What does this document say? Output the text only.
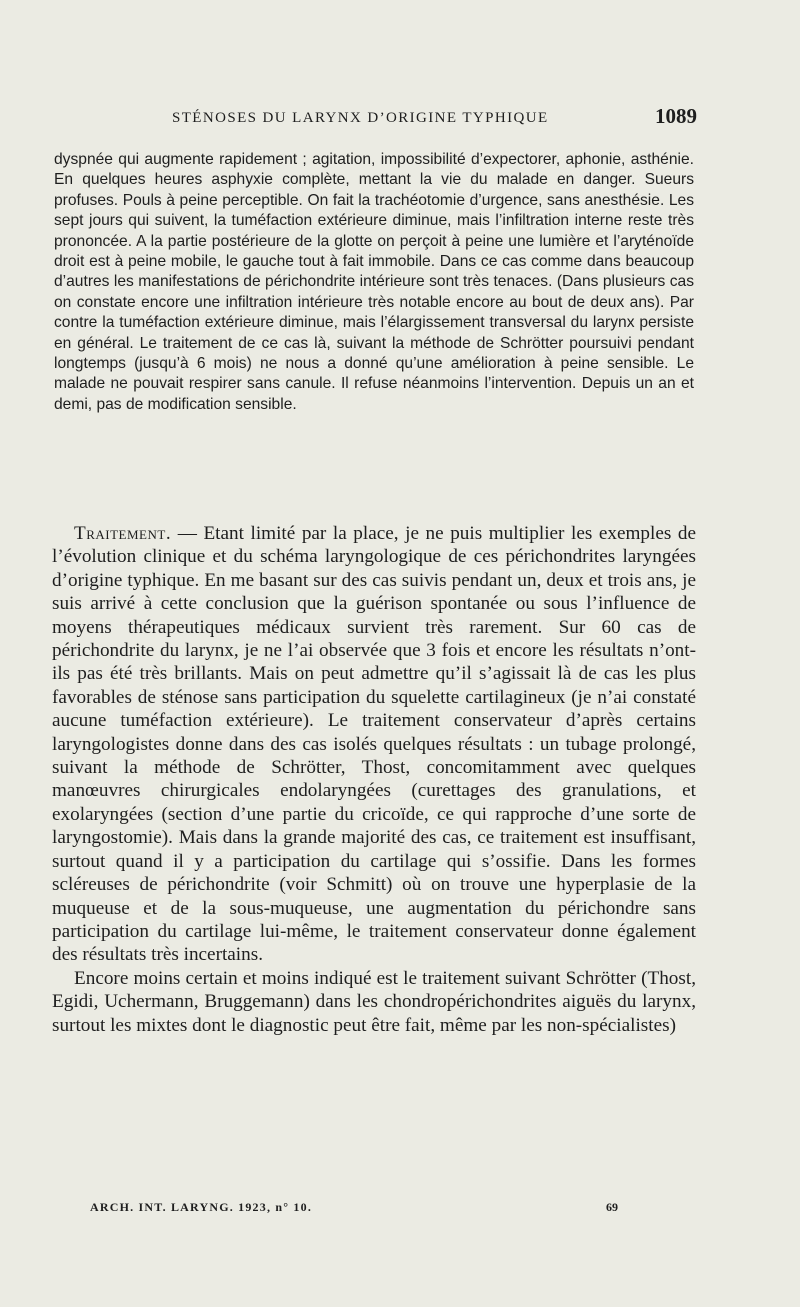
STÉNOSES DU LARYNX D’ORIGINE TYPHIQUE	1089

dyspnée qui augmente rapidement ; agitation, impossibilité d’expectorer, aphonie, asthénie. En quelques heures asphyxie complète, mettant la vie du malade en danger. Sueurs profuses. Pouls à peine perceptible. On fait la trachéotomie d’urgence, sans anesthésie. Les sept jours qui suivent, la tuméfaction extérieure diminue, mais l’infiltration interne reste très prononcée. A la partie postérieure de la glotte on perçoit à peine une lumière et l’aryténoïde droit est à peine mobile, le gauche tout à fait immobile. Dans ce cas comme dans beaucoup d’autres les manifestations de périchondrite intérieure sont très tenaces. (Dans plusieurs cas on constate encore une infiltration intérieure très notable encore au bout de deux ans). Par contre la tuméfaction extérieure diminue, mais l’élargissement transversal du larynx persiste en général. Le traitement de ce cas là, suivant la méthode de Schrötter poursuivi pendant longtemps (jusqu’à 6 mois) ne nous a donné qu’une amélioration à peine sensible. Le malade ne pouvait respirer sans canule. Il refuse néanmoins l’intervention. Depuis un an et demi, pas de modification sensible.

Traitement. — Etant limité par la place, je ne puis multiplier les exemples de l’évolution clinique et du schéma laryngologique de ces périchondrites laryngées d’origine typhique. En me basant sur des cas suivis pendant un, deux et trois ans, je suis arrivé à cette conclusion que la guérison spontanée ou sous l’influence de moyens thérapeutiques médicaux survient très rarement. Sur 60 cas de périchondrite du larynx, je ne l’ai observée que 3 fois et encore les résultats n’ont-ils pas été très brillants. Mais on peut admettre qu’il s’agissait là de cas les plus favorables de sténose sans participation du squelette cartilagineux (je n’ai constaté aucune tuméfaction extérieure). Le traitement conservateur d’après certains laryngologistes donne dans des cas isolés quelques résultats : un tubage prolongé, suivant la méthode de Schrötter, Thost, concomitamment avec quelques manœuvres chirurgicales endolaryngées (curettages des granulations, et exolaryngées (section d’une partie du cricoïde, ce qui rapproche d’une sorte de laryngostomie). Mais dans la grande majorité des cas, ce traitement est insuffisant, surtout quand il y a participation du cartilage qui s’ossifie. Dans les formes scléreuses de périchondrite (voir Schmitt) où on trouve une hyperplasie de la muqueuse et de la sous-muqueuse, une augmentation du périchondre sans participation du cartilage lui-même, le traitement conservateur donne également des résultats très incertains.

Encore moins certain et moins indiqué est le traitement suivant Schrötter (Thost, Egidi, Uchermann, Bruggemann) dans les chondropérichondrites aiguës du larynx, surtout les mixtes dont le diagnostic peut être fait, même par les non-spécialistes)

ARCH. INT. LARYNG. 1923, n° 10.	69
